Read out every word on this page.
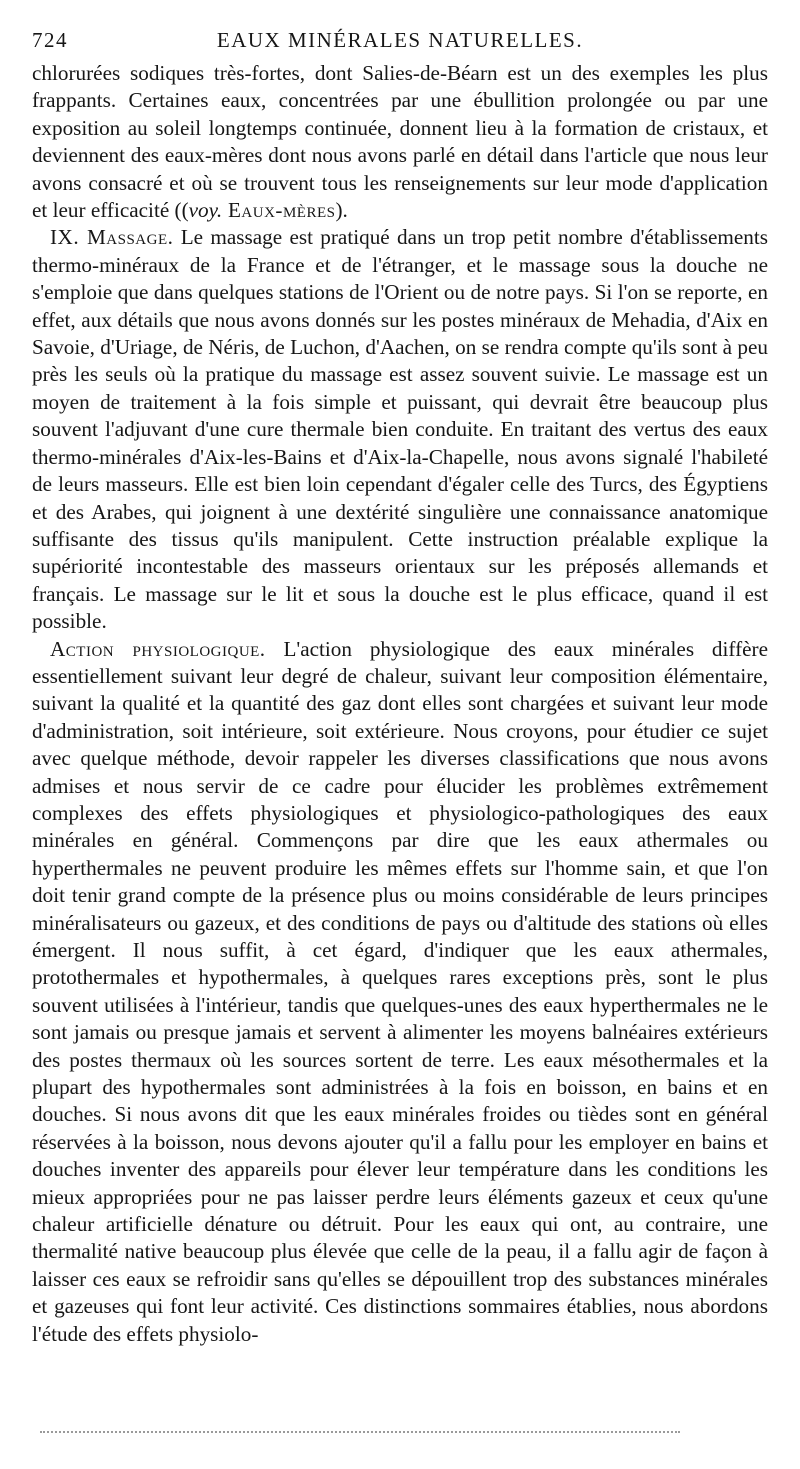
724	EAUX MINÉRALES NATURELLES.

chlorurées sodiques très-fortes, dont Salies-de-Béarn est un des exemples les plus frappants. Certaines eaux, concentrées par une ébullition prolongée ou par une exposition au soleil longtemps continuée, donnent lieu à la formation de cristaux, et deviennent des eaux-mères dont nous avons parlé en détail dans l'article que nous leur avons consacré et où se trouvent tous les renseignements sur leur mode d'application et leur efficacité ((voy. Eaux-mères).

IX. Massage. Le massage est pratiqué dans un trop petit nombre d'établissements thermo-minéraux de la France et de l'étranger, et le massage sous la douche ne s'emploie que dans quelques stations de l'Orient ou de notre pays. Si l'on se reporte, en effet, aux détails que nous avons donnés sur les postes minéraux de Mehadia, d'Aix en Savoie, d'Uriage, de Néris, de Luchon, d'Aachen, on se rendra compte qu'ils sont à peu près les seuls où la pratique du massage est assez souvent suivie. Le massage est un moyen de traitement à la fois simple et puissant, qui devrait être beaucoup plus souvent l'adjuvant d'une cure thermale bien conduite. En traitant des vertus des eaux thermo-minérales d'Aix-les-Bains et d'Aix-la-Chapelle, nous avons signalé l'habileté de leurs masseurs. Elle est bien loin cependant d'égaler celle des Turcs, des Égyptiens et des Arabes, qui joignent à une dextérité singulière une connaissance anatomique suffisante des tissus qu'ils manipulent. Cette instruction préalable explique la supériorité incontestable des masseurs orientaux sur les préposés allemands et français. Le massage sur le lit et sous la douche est le plus efficace, quand il est possible.

Action physiologique. L'action physiologique des eaux minérales diffère essentiellement suivant leur degré de chaleur, suivant leur composition élémentaire, suivant la qualité et la quantité des gaz dont elles sont chargées et suivant leur mode d'administration, soit intérieure, soit extérieure. Nous croyons, pour étudier ce sujet avec quelque méthode, devoir rappeler les diverses classifications que nous avons admises et nous servir de ce cadre pour élucider les problèmes extrêmement complexes des effets physiologiques et physiologico-pathologiques des eaux minérales en général. Commençons par dire que les eaux athermales ou hyperthermales ne peuvent produire les mêmes effets sur l'homme sain, et que l'on doit tenir grand compte de la présence plus ou moins considérable de leurs principes minéralisateurs ou gazeux, et des conditions de pays ou d'altitude des stations où elles émergent. Il nous suffit, à cet égard, d'indiquer que les eaux athermales, protothermales et hypothermales, à quelques rares exceptions près, sont le plus souvent utilisées à l'intérieur, tandis que quelques-unes des eaux hyperthermales ne le sont jamais ou presque jamais et servent à alimenter les moyens balnéaires extérieurs des postes thermaux où les sources sortent de terre. Les eaux mésothermales et la plupart des hypothermales sont administrées à la fois en boisson, en bains et en douches. Si nous avons dit que les eaux minérales froides ou tièdes sont en général réservées à la boisson, nous devons ajouter qu'il a fallu pour les employer en bains et douches inventer des appareils pour élever leur température dans les conditions les mieux appropriées pour ne pas laisser perdre leurs éléments gazeux et ceux qu'une chaleur artificielle dénature ou détruit. Pour les eaux qui ont, au contraire, une thermalité native beaucoup plus élevée que celle de la peau, il a fallu agir de façon à laisser ces eaux se refroidir sans qu'elles se dépouillent trop des substances minérales et gazeuses qui font leur activité. Ces distinctions sommaires établies, nous abordons l'étude des effets physiolo-
